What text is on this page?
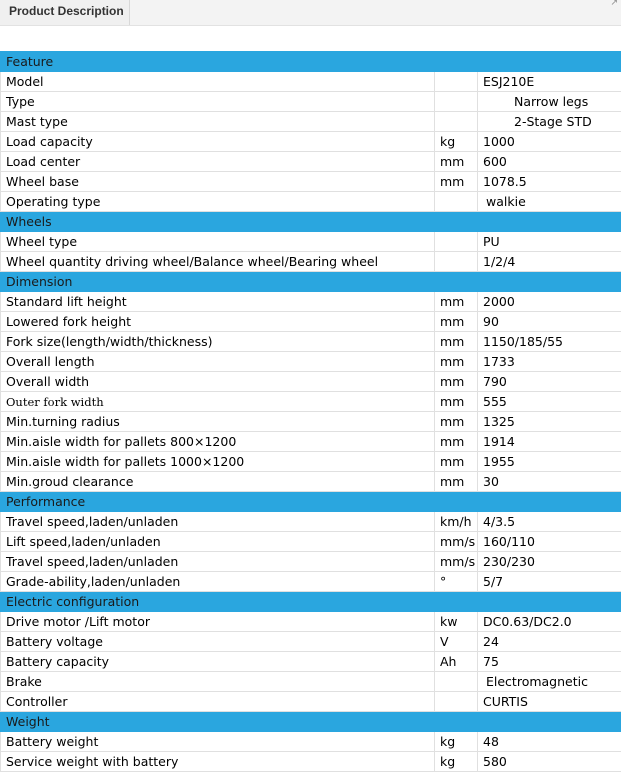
Product Description
↗
Feature		
Model		ESJ210E
Type		Narrow legs
Mast type		2-Stage STD
Load capacity	kg	1000
Load center	mm	600
Wheel base	mm	1078.5
Operating type		walkie
Wheels		
Wheel type		PU
Wheel quantity driving wheel/Balance wheel/Bearing wheel		1/2/4
Dimension		
Standard lift height	mm	2000
Lowered fork height	mm	90
Fork size(length/width/thickness)	mm	1150/185/55
Overall length	mm	1733
Overall width	mm	790
Outer fork width	mm	555
Min.turning radius	mm	1325
Min.aisle width for pallets 800×1200	mm	1914
Min.aisle width for pallets 1000×1200	mm	1955
Min.groud clearance	mm	30
Performance		
Travel speed,laden/unladen	km/h	4/3.5
Lift speed,laden/unladen	mm/s	160/110
Travel speed,laden/unladen	mm/s	230/230
Grade-ability,laden/unladen	°	5/7
Electric configuration		
Drive motor /Lift motor	kw	DC0.63/DC2.0
Battery voltage	V	24
Battery capacity	Ah	75
Brake		Electromagnetic
Controller		CURTIS
Weight		
Battery weight	kg	48
Service weight with battery	kg	580
